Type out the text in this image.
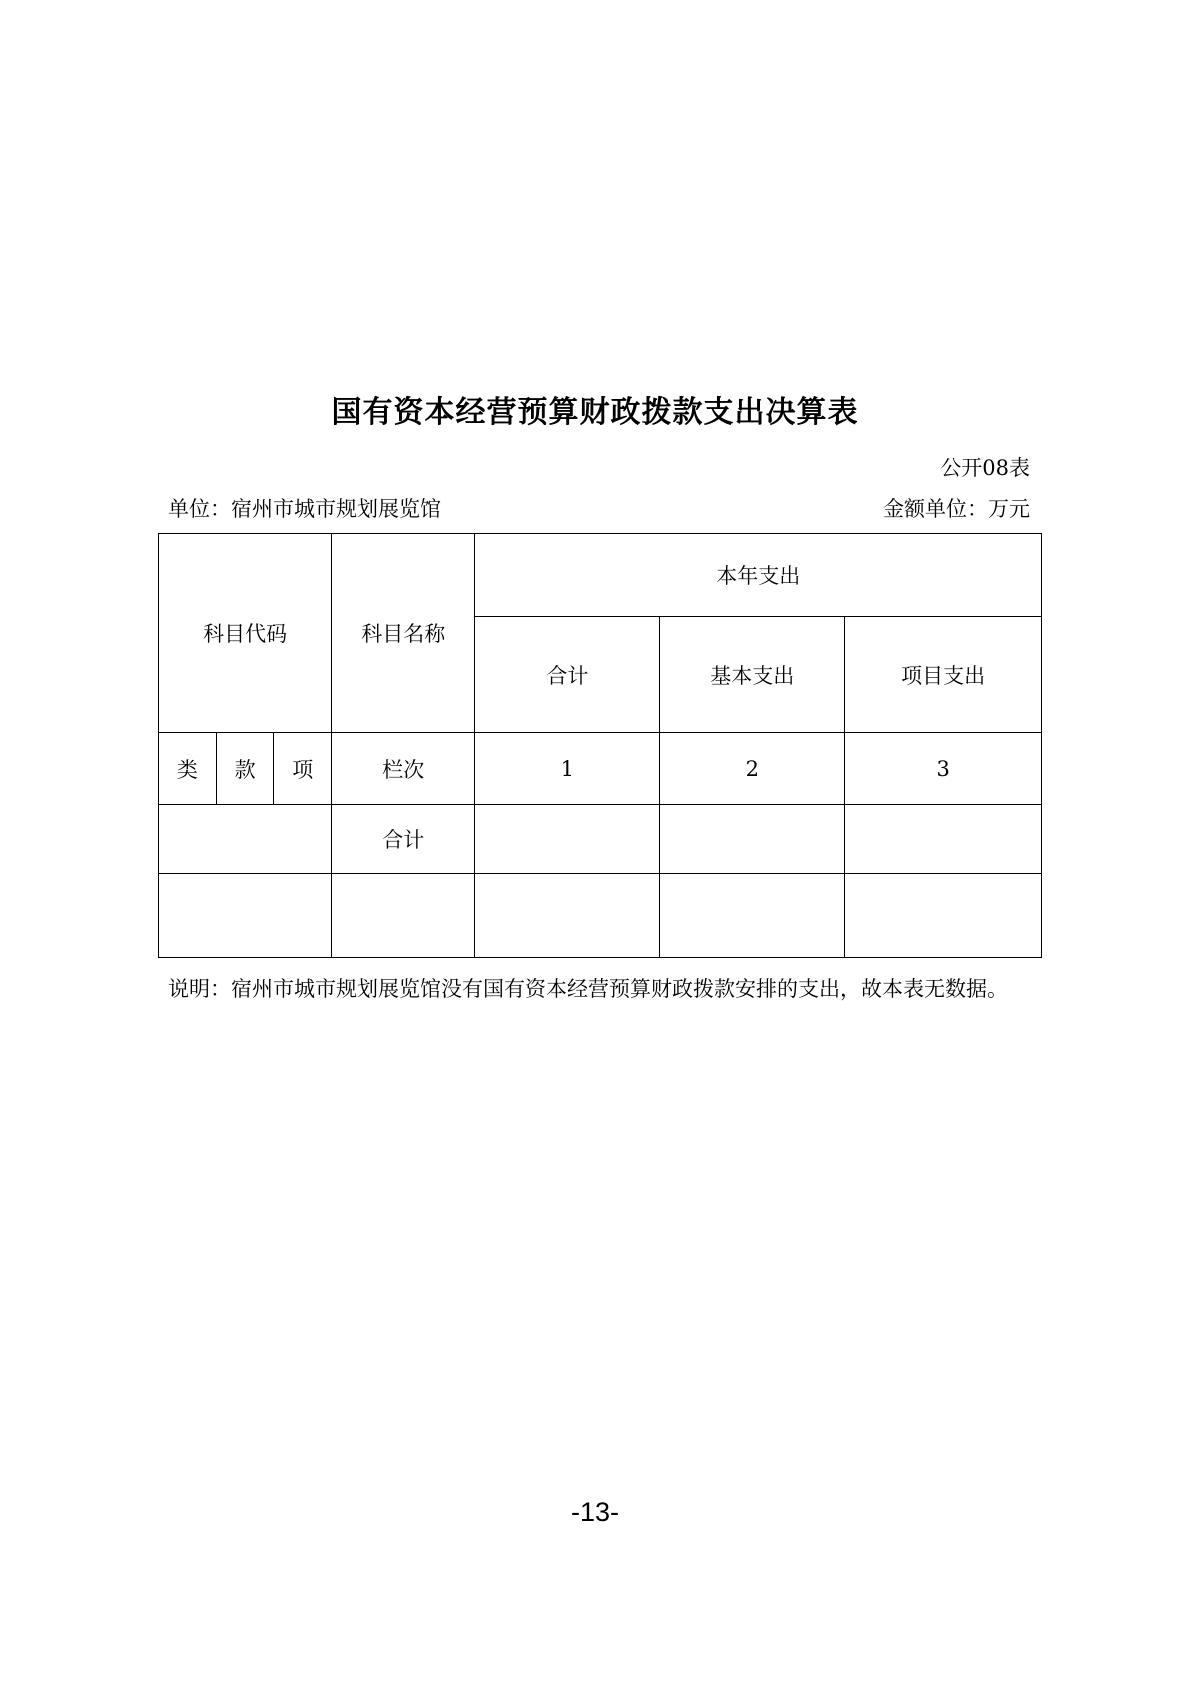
国有资本经营预算财政拨款支出决算表
公开08表
单位：宿州市城市规划展览馆	金额单位：万元
科目代码			科目名称	本年支出		
				合计	基本支出	项目支出
类	款	项	栏次	1	2	3
			合计			

说明：宿州市城市规划展览馆没有国有资本经营预算财政拨款安排的支出，故本表无数据。
-13-
